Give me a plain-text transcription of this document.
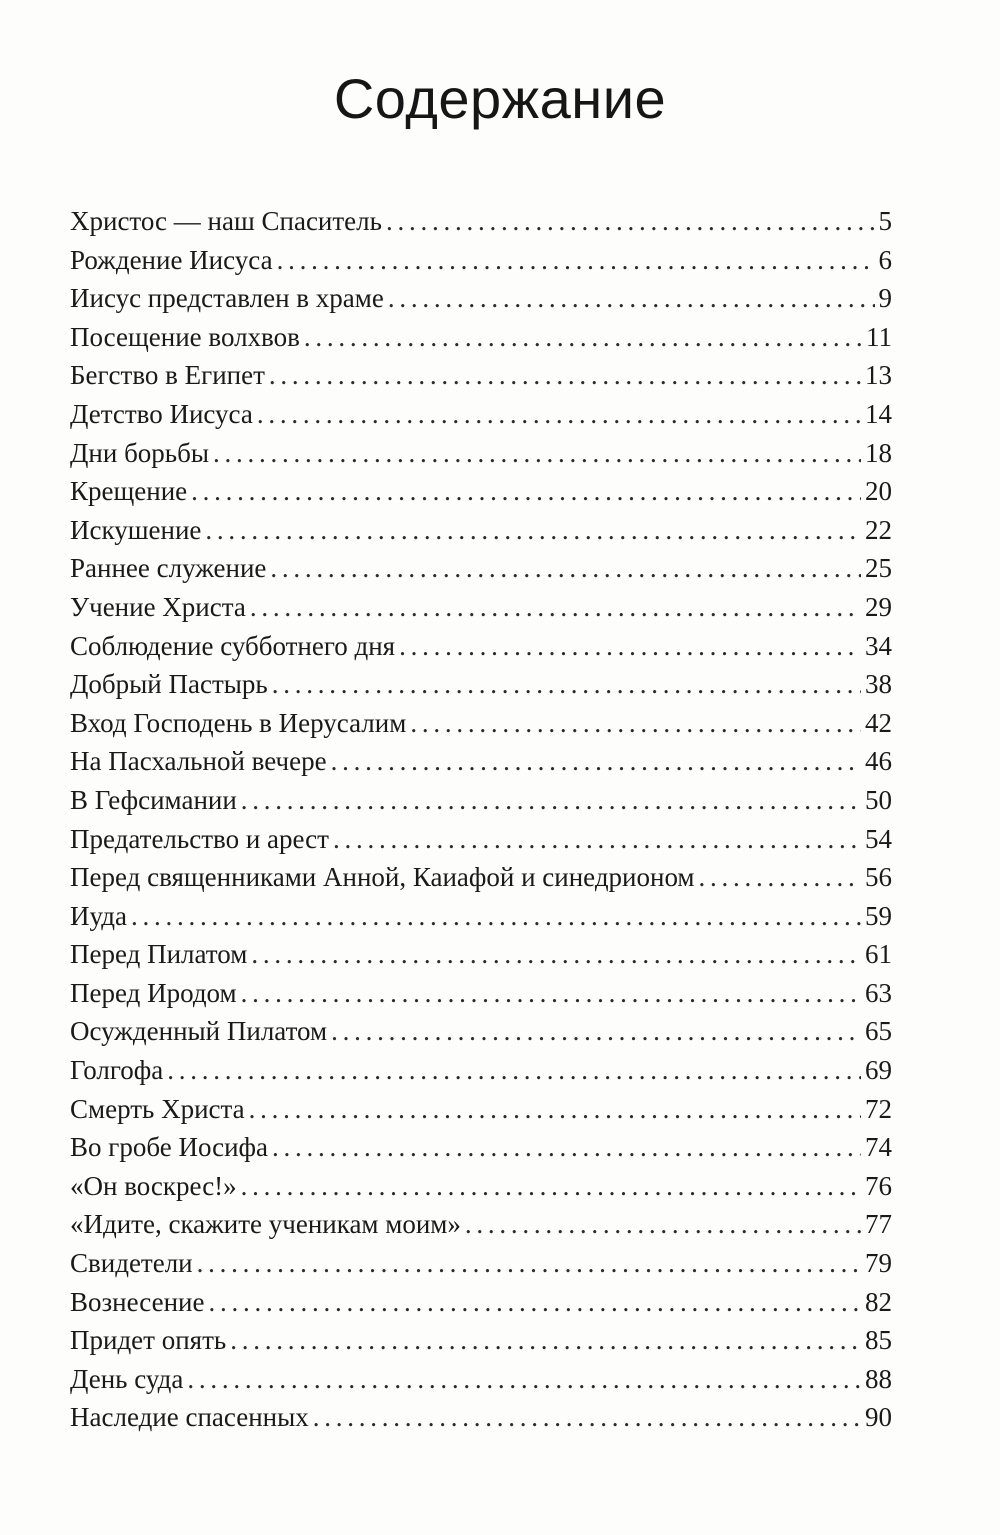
Содержание
Христос — наш Спаситель . . .	5
Рождение Иисуса . . .	6
Иисус представлен в храме . . .	9
Посещение волхвов . . .	11
Бегство в Египет . . .	13
Детство Иисуса . . .	14
Дни борьбы . . .	18
Крещение . . .	20
Искушение . . .	22
Раннее служение . . .	25
Учение Христа . . .	29
Соблюдение субботнего дня . . .	34
Добрый Пастырь . . .	38
Вход Господень в Иерусалим . . .	42
На Пасхальной вечере . . .	46
В Гефсимании . . .	50
Предательство и арест . . .	54
Перед священниками Анной, Каиафой и синедрионом . . .	56
Иуда . . .	59
Перед Пилатом . . .	61
Перед Иродом . . .	63
Осужденный Пилатом . . .	65
Голгофа . . .	69
Смерть Христа . . .	72
Во гробе Иосифа . . .	74
«Он воскрес!» . . .	76
«Идите, скажите ученикам моим» . . .	77
Свидетели . . .	79
Вознесение . . .	82
Придет опять . . .	85
День суда . . .	88
Наследие спасенных . . .	90
